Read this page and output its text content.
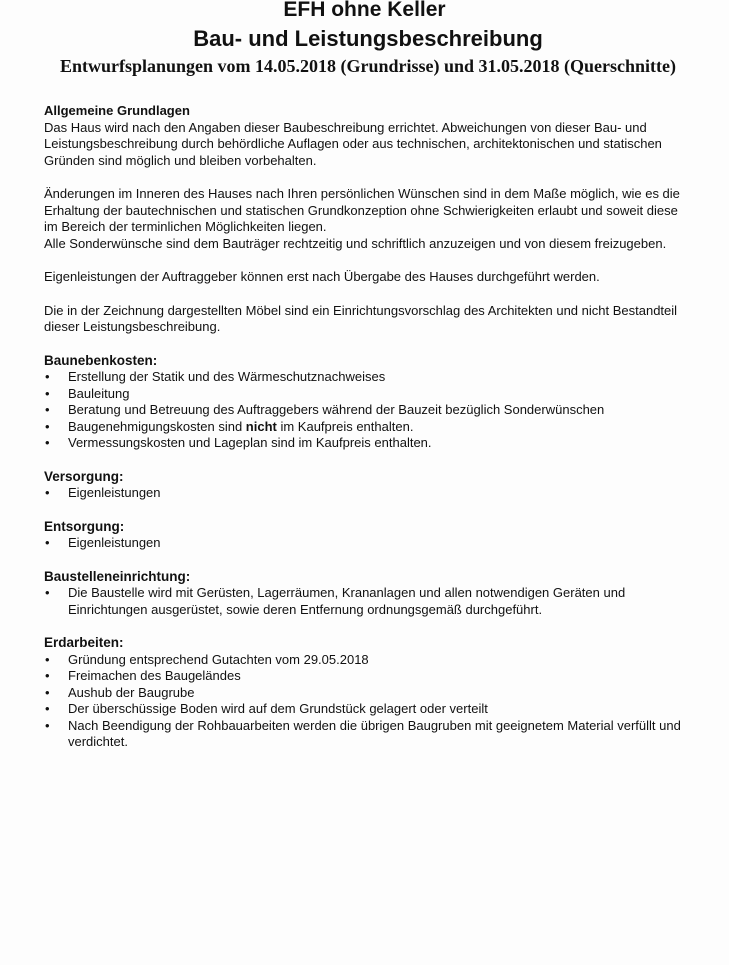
EFH ohne Keller
Bau- und Leistungsbeschreibung
Entwurfsplanungen vom 14.05.2018 (Grundrisse) und 31.05.2018 (Querschnitte)

Allgemeine Grundlagen

Das Haus wird nach den Angaben dieser Baubeschreibung errichtet. Abweichungen von dieser Bau- und Leistungsbeschreibung durch behördliche Auflagen oder aus technischen, architektonischen und statischen Gründen sind möglich und bleiben vorbehalten.

Änderungen im Inneren des Hauses nach Ihren persönlichen Wünschen sind in dem Maße möglich, wie es die Erhaltung der bautechnischen und statischen Grundkonzeption ohne Schwierigkeiten erlaubt und soweit diese im Bereich der terminlichen Möglichkeiten liegen.

Alle Sonderwünsche sind dem Bauträger rechtzeitig und schriftlich anzuzeigen und von diesem freizugeben.

Eigenleistungen der Auftraggeber können erst nach Übergabe des Hauses durchgeführt werden.

Die in der Zeichnung dargestellten Möbel sind ein Einrichtungsvorschlag des Architekten und nicht Bestandteil dieser Leistungsbeschreibung.

Baunebenkosten:

• Erstellung der Statik und des Wärmeschutznachweises
• Bauleitung
• Beratung und Betreuung des Auftraggebers während der Bauzeit bezüglich Sonderwünschen
• Baugenehmigungskosten sind nicht im Kaufpreis enthalten.
• Vermessungskosten und Lageplan sind im Kaufpreis enthalten.

Versorgung:

• Eigenleistungen

Entsorgung:

• Eigenleistungen

Baustelleneinrichtung:

• Die Baustelle wird mit Gerüsten, Lagerräumen, Krananlagen und allen notwendigen Geräten und Einrichtungen ausgerüstet, sowie deren Entfernung ordnungsgemäß durchgeführt.

Erdarbeiten:

• Gründung entsprechend Gutachten vom 29.05.2018
• Freimachen des Baugeländes
• Aushub der Baugrube
• Der überschüssige Boden wird auf dem Grundstück gelagert oder verteilt
• Nach Beendigung der Rohbauarbeiten werden die übrigen Baugruben mit geeignetem Material verfüllt und verdichtet.
